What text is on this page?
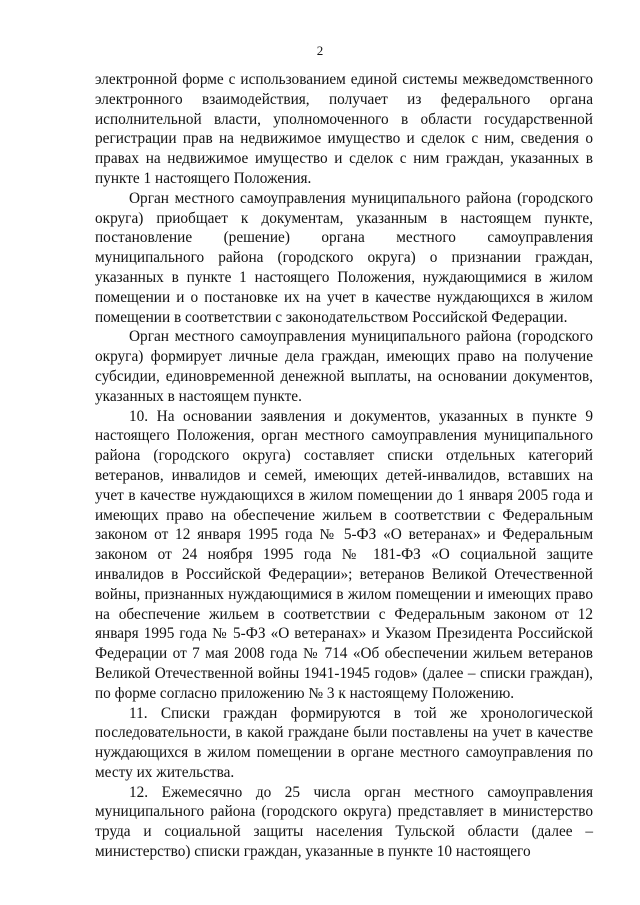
2

электронной форме с использованием единой системы межведомственного электронного взаимодействия, получает из федерального органа исполнительной власти, уполномоченного в области государственной регистрации прав на недвижимое имущество и сделок с ним, сведения о правах на недвижимое имущество и сделок с ним граждан, указанных в пункте 1 настоящего Положения.

Орган местного самоуправления муниципального района (городского округа) приобщает к документам, указанным в настоящем пункте, постановление (решение) органа местного самоуправления муниципального района (городского округа) о признании граждан, указанных в пункте 1 настоящего Положения, нуждающимися в жилом помещении и о постановке их на учет в качестве нуждающихся в жилом помещении в соответствии с законодательством Российской Федерации.

Орган местного самоуправления муниципального района (городского округа) формирует личные дела граждан, имеющих право на получение субсидии, единовременной денежной выплаты, на основании документов, указанных в настоящем пункте.

10. На основании заявления и документов, указанных в пункте 9 настоящего Положения, орган местного самоуправления муниципального района (городского округа) составляет списки отдельных категорий ветеранов, инвалидов и семей, имеющих детей-инвалидов, вставших на учет в качестве нуждающихся в жилом помещении до 1 января 2005 года и имеющих право на обеспечение жильем в соответствии с Федеральным законом от 12 января 1995 года № 5-ФЗ «О ветеранах» и Федеральным законом от 24 ноября 1995 года № 181-ФЗ «О социальной защите инвалидов в Российской Федерации»; ветеранов Великой Отечественной войны, признанных нуждающимися в жилом помещении и имеющих право на обеспечение жильем в соответствии с Федеральным законом от 12 января 1995 года № 5-ФЗ «О ветеранах» и Указом Президента Российской Федерации от 7 мая 2008 года № 714 «Об обеспечении жильем ветеранов Великой Отечественной войны 1941-1945 годов» (далее – списки граждан), по форме согласно приложению № 3 к настоящему Положению.

11. Списки граждан формируются в той же хронологической последовательности, в какой граждане были поставлены на учет в качестве нуждающихся в жилом помещении в органе местного самоуправления по месту их жительства.

12. Ежемесячно до 25 числа орган местного самоуправления муниципального района (городского округа) представляет в министерство труда и социальной защиты населения Тульской области (далее – министерство) списки граждан, указанные в пункте 10 настоящего
